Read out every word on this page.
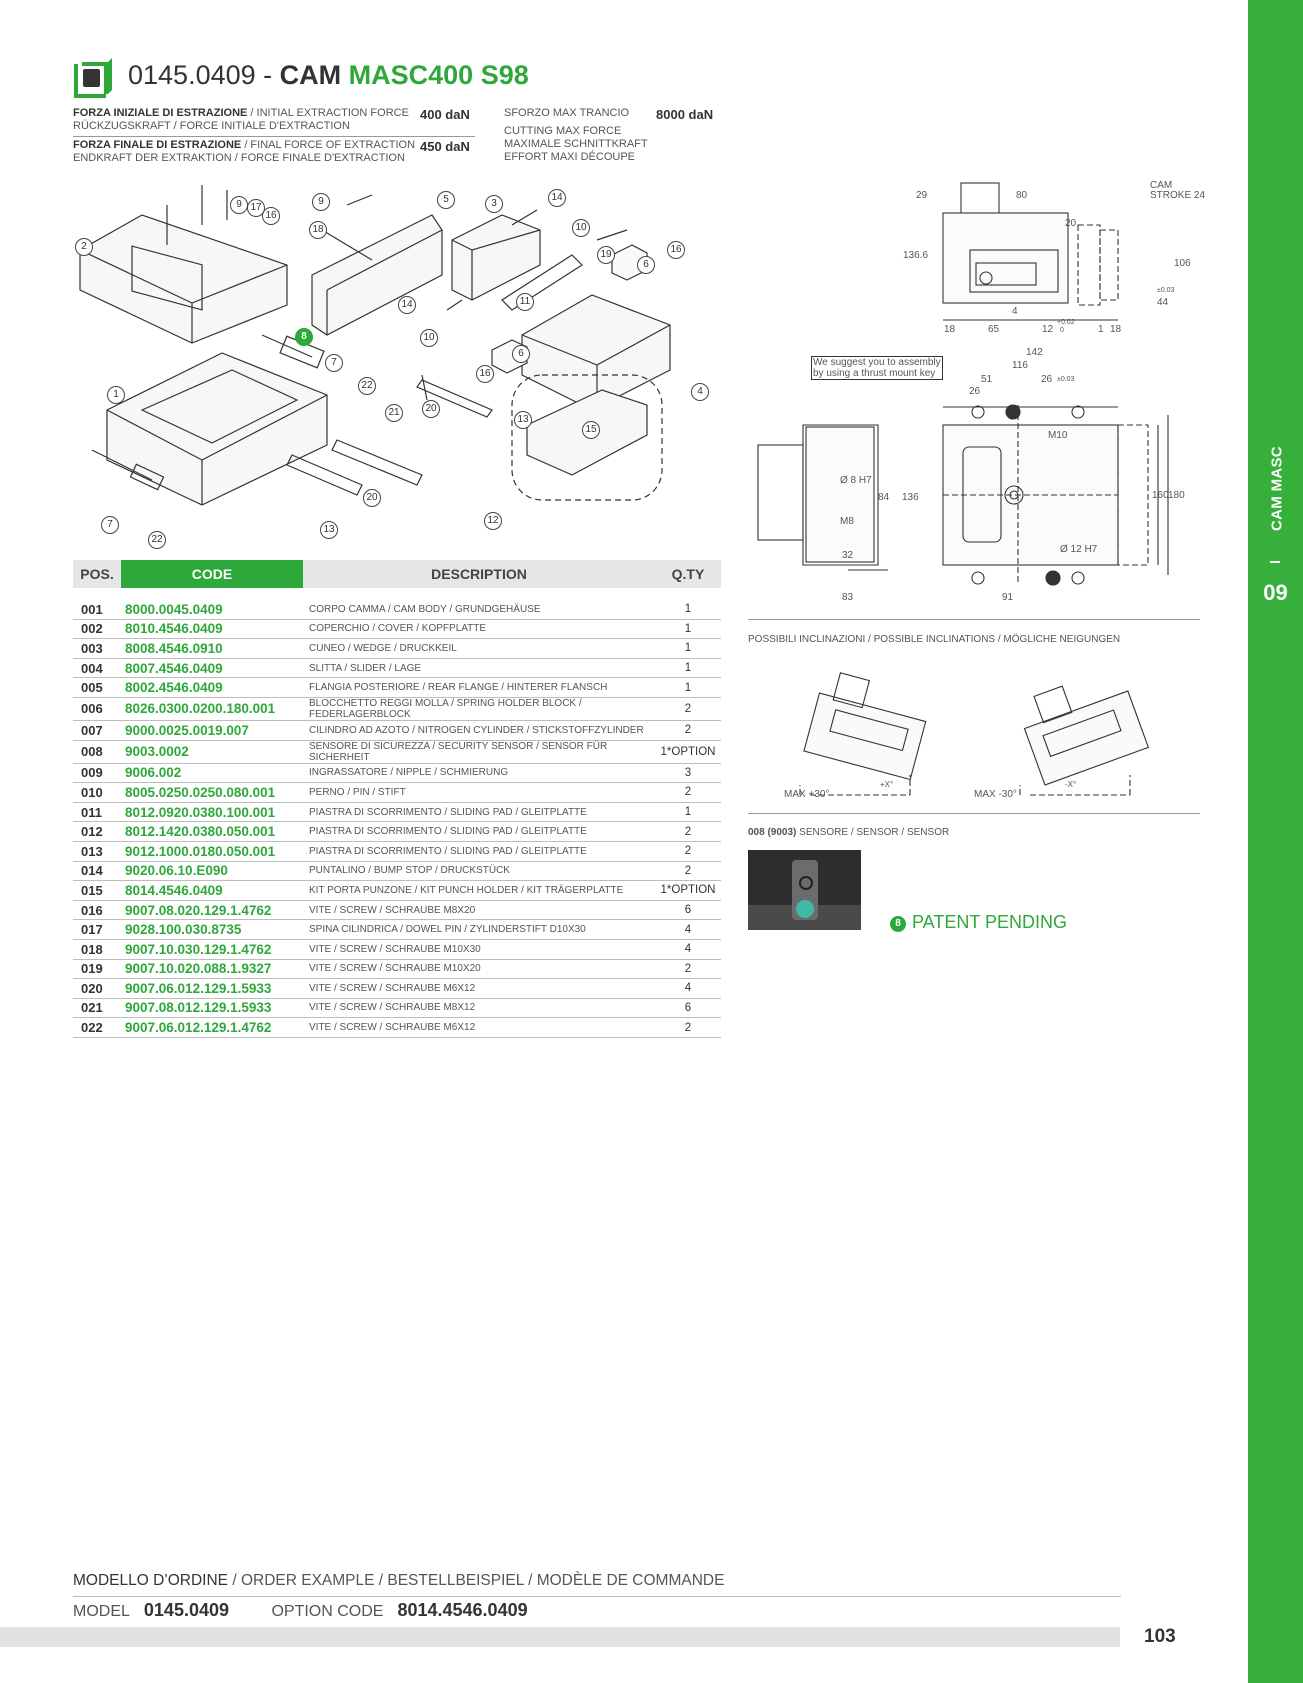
CAM MASC
09
0145.0409 - CAM MASC400 S98
FORZA INIZIALE DI ESTRAZIONE / INITIAL EXTRACTION FORCE
RÜCKZUGSKRAFT / FORCE INITIALE D'EXTRACTION
400 daN
FORZA FINALE DI ESTRAZIONE / FINAL FORCE OF EXTRACTION
ENDKRAFT DER EXTRAKTION / FORCE FINALE D'EXTRACTION
450 daN
SFORZO MAX TRANCIO
CUTTING MAX FORCE
MAXIMALE SCHNITTKRAFT
EFFORT MAXI DÉCOUPE
8000 daN
9 17
16
2
9
18
5	3
14
10
19
6
16
11
14
10
8
7
22
6
16
4
1
20
21
13
15
20
12
13
7
22
80
CAM
STROKE 24
29
20
136.6
106
44
±0.03
18	65
4
12
+0.02
0	1 18
We suggest you to assembly
by using a thrust mount key
142
116
51	26 ±0.03
26
M10
160 180
Ø 12 H7
91
Ø 8 H7
M8
32
84 136
83
POSSIBILI INCLINAZIONI / POSSIBLE INCLINATIONS / MÖGLICHE NEIGUNGEN
MAX +30°	MAX -30°
+X°	-X°
008 (9003) SENSORE / SENSOR / SENSOR
8 PATENT PENDING
POS.	CODE	DESCRIPTION	Q.TY

001	8000.0045.0409	CORPO CAMMA / CAM BODY / GRUNDGEHÄUSE	1
002	8010.4546.0409	COPERCHIO / COVER / KOPFPLATTE	1
003	8008.4546.0910	CUNEO / WEDGE / DRUCKKEIL	1
004	8007.4546.0409	SLITTA / SLIDER / LAGE	1
005	8002.4546.0409	FLANGIA POSTERIORE / REAR FLANGE / HINTERER FLANSCH	1
006	8026.0300.0200.180.001	BLOCCHETTO REGGI MOLLA / SPRING HOLDER BLOCK / FEDERLAGERBLOCK	2
007	9000.0025.0019.007	CILINDRO AD AZOTO / NITROGEN CYLINDER / STICKSTOFFZYLINDER	2
008	9003.0002	SENSORE DI SICUREZZA / SECURITY SENSOR / SENSOR FÜR SICHERHEIT	1*OPTION
009	9006.002	INGRASSATORE / NIPPLE / SCHMIERUNG	3
010	8005.0250.0250.080.001	PERNO / PIN / STIFT	2
011	8012.0920.0380.100.001	PIASTRA DI SCORRIMENTO / SLIDING PAD / GLEITPLATTE	1
012	8012.1420.0380.050.001	PIASTRA DI SCORRIMENTO / SLIDING PAD / GLEITPLATTE	2
013	9012.1000.0180.050.001	PIASTRA DI SCORRIMENTO / SLIDING PAD / GLEITPLATTE	2
014	9020.06.10.E090	PUNTALINO / BUMP STOP / DRUCKSTÜCK	2
015	8014.4546.0409	KIT PORTA PUNZONE / KIT PUNCH HOLDER / KIT TRÄGERPLATTE	1*OPTION
016	9007.08.020.129.1.4762	VITE / SCREW / SCHRAUBE M8X20	6
017	9028.100.030.8735	SPINA CILINDRICA / DOWEL PIN / ZYLINDERSTIFT D10X30	4
018	9007.10.030.129.1.4762	VITE / SCREW / SCHRAUBE M10X30	4
019	9007.10.020.088.1.9327	VITE / SCREW / SCHRAUBE M10X20	2
020	9007.06.012.129.1.5933	VITE / SCREW / SCHRAUBE M6X12	4
021	9007.08.012.129.1.5933	VITE / SCREW / SCHRAUBE M8X12	6
022	9007.06.012.129.1.4762	VITE / SCREW / SCHRAUBE M6X12	2
MODELLO D’ORDINE / ORDER EXAMPLE / BESTELLBEISPIEL / MODÈLE DE COMMANDE
MODEL 0145.0409	OPTION CODE 8014.4546.0409
103
